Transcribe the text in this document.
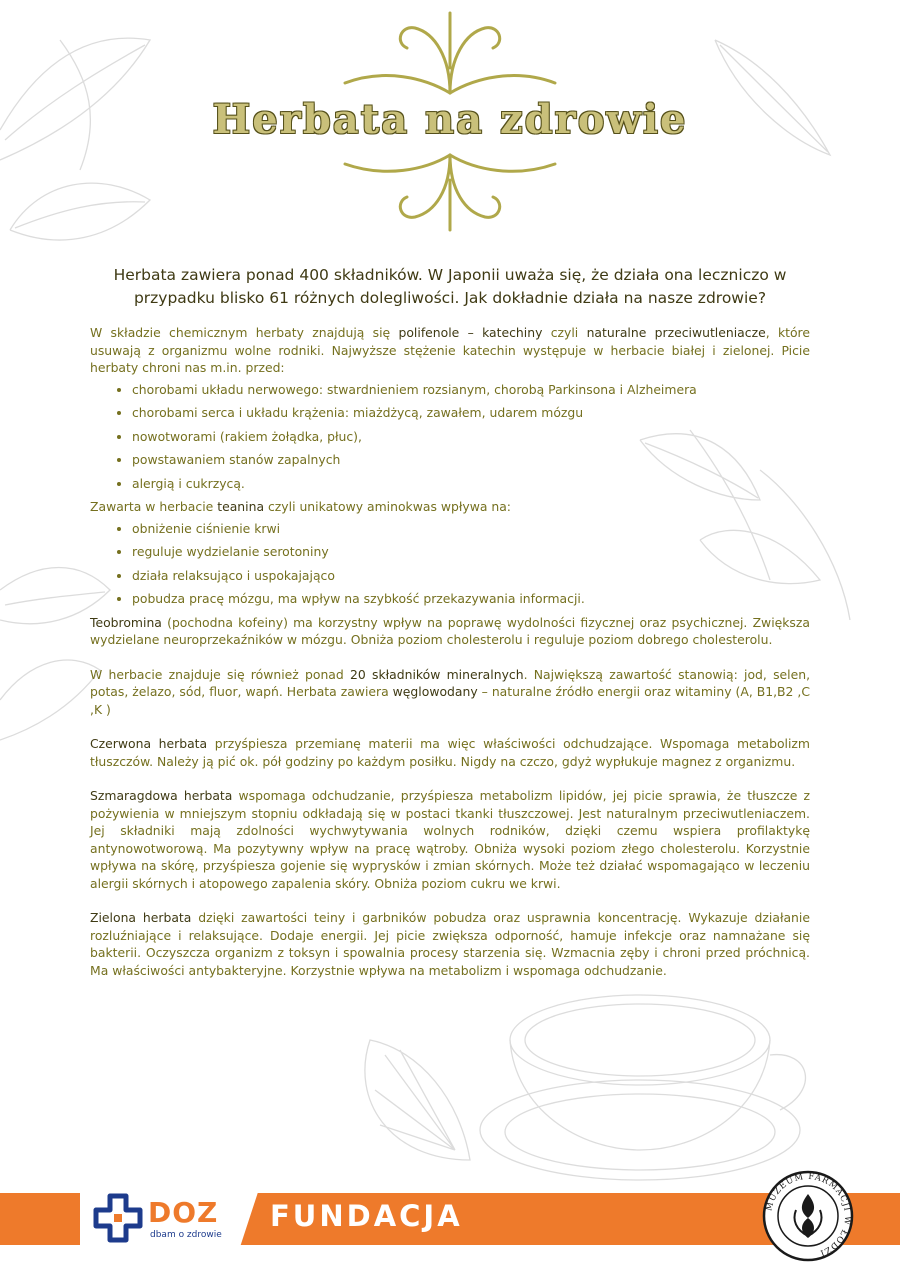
Herbata na zdrowie
Herbata zawiera ponad 400 składników. W Japonii uważa się, że działa ona leczniczo w przypadku blisko 61 różnych dolegliwości. Jak dokładnie działa na nasze zdrowie?

W składzie chemicznym herbaty znajdują się polifenole – katechiny czyli naturalne przeciwutleniacze, które usuwają z organizmu wolne rodniki. Najwyższe stężenie katechin występuje w herbacie białej i zielonej. Picie herbaty chroni nas m.in. przed:

• chorobami układu nerwowego: stwardnieniem rozsianym, chorobą Parkinsona i Alzheimera
• chorobami serca i układu krążenia: miażdżycą, zawałem, udarem mózgu
• nowotworami (rakiem żołądka, płuc),
• powstawaniem stanów zapalnych
• alergią i cukrzycą.

Zawarta w herbacie teanina czyli unikatowy aminokwas wpływa na:

• obniżenie ciśnienie krwi
• reguluje wydzielanie serotoniny
• działa relaksująco i uspokajająco
• pobudza pracę mózgu, ma wpływ na szybkość przekazywania informacji.

Teobromina (pochodna kofeiny) ma korzystny wpływ na poprawę wydolności fizycznej oraz psychicznej. Zwiększa wydzielane neuroprzekaźników w mózgu. Obniża poziom cholesterolu i reguluje poziom dobrego cholesterolu.

W herbacie znajduje się również ponad 20 składników mineralnych. Największą zawartość stanowią: jod, selen, potas, żelazo, sód, fluor, wapń. Herbata zawiera węglowodany – naturalne źródło energii oraz witaminy (A, B1,B2 ,C ,K )

Czerwona herbata przyśpiesza przemianę materii ma więc właściwości odchudzające. Wspomaga metabolizm tłuszczów. Należy ją pić ok. pół godziny po każdym posiłku. Nigdy na czczo, gdyż wypłukuje magnez z organizmu.

Szmaragdowa herbata wspomaga odchudzanie, przyśpiesza metabolizm lipidów, jej picie sprawia, że tłuszcze z pożywienia w mniejszym stopniu odkładają się w postaci tkanki tłuszczowej. Jest naturalnym przeciwutleniaczem. Jej składniki mają zdolności wychwytywania wolnych rodników, dzięki czemu wspiera profilaktykę antynowotworową. Ma pozytywny wpływ na pracę wątroby. Obniża wysoki poziom złego cholesterolu. Korzystnie wpływa na skórę, przyśpiesza gojenie się wyprysków i zmian skórnych. Może też działać wspomagająco w leczeniu alergii skórnych i atopowego zapalenia skóry. Obniża poziom cukru we krwi.

Zielona herbata dzięki zawartości teiny i garbników pobudza oraz usprawnia koncentrację. Wykazuje działanie rozluźniające i relaksujące. Dodaje energii. Jej picie zwiększa odporność, hamuje infekcje oraz namnażane się bakterii. Oczyszcza organizm z toksyn i spowalnia procesy starzenia się. Wzmacnia zęby i chroni przed próchnicą. Ma właściwości antybakteryjne. Korzystnie wpływa na metabolizm i wspomaga odchudzanie.

DOZ
dbam o zdrowie
FUNDACJA	MUZEUM FARMACJI W ŁODZI
